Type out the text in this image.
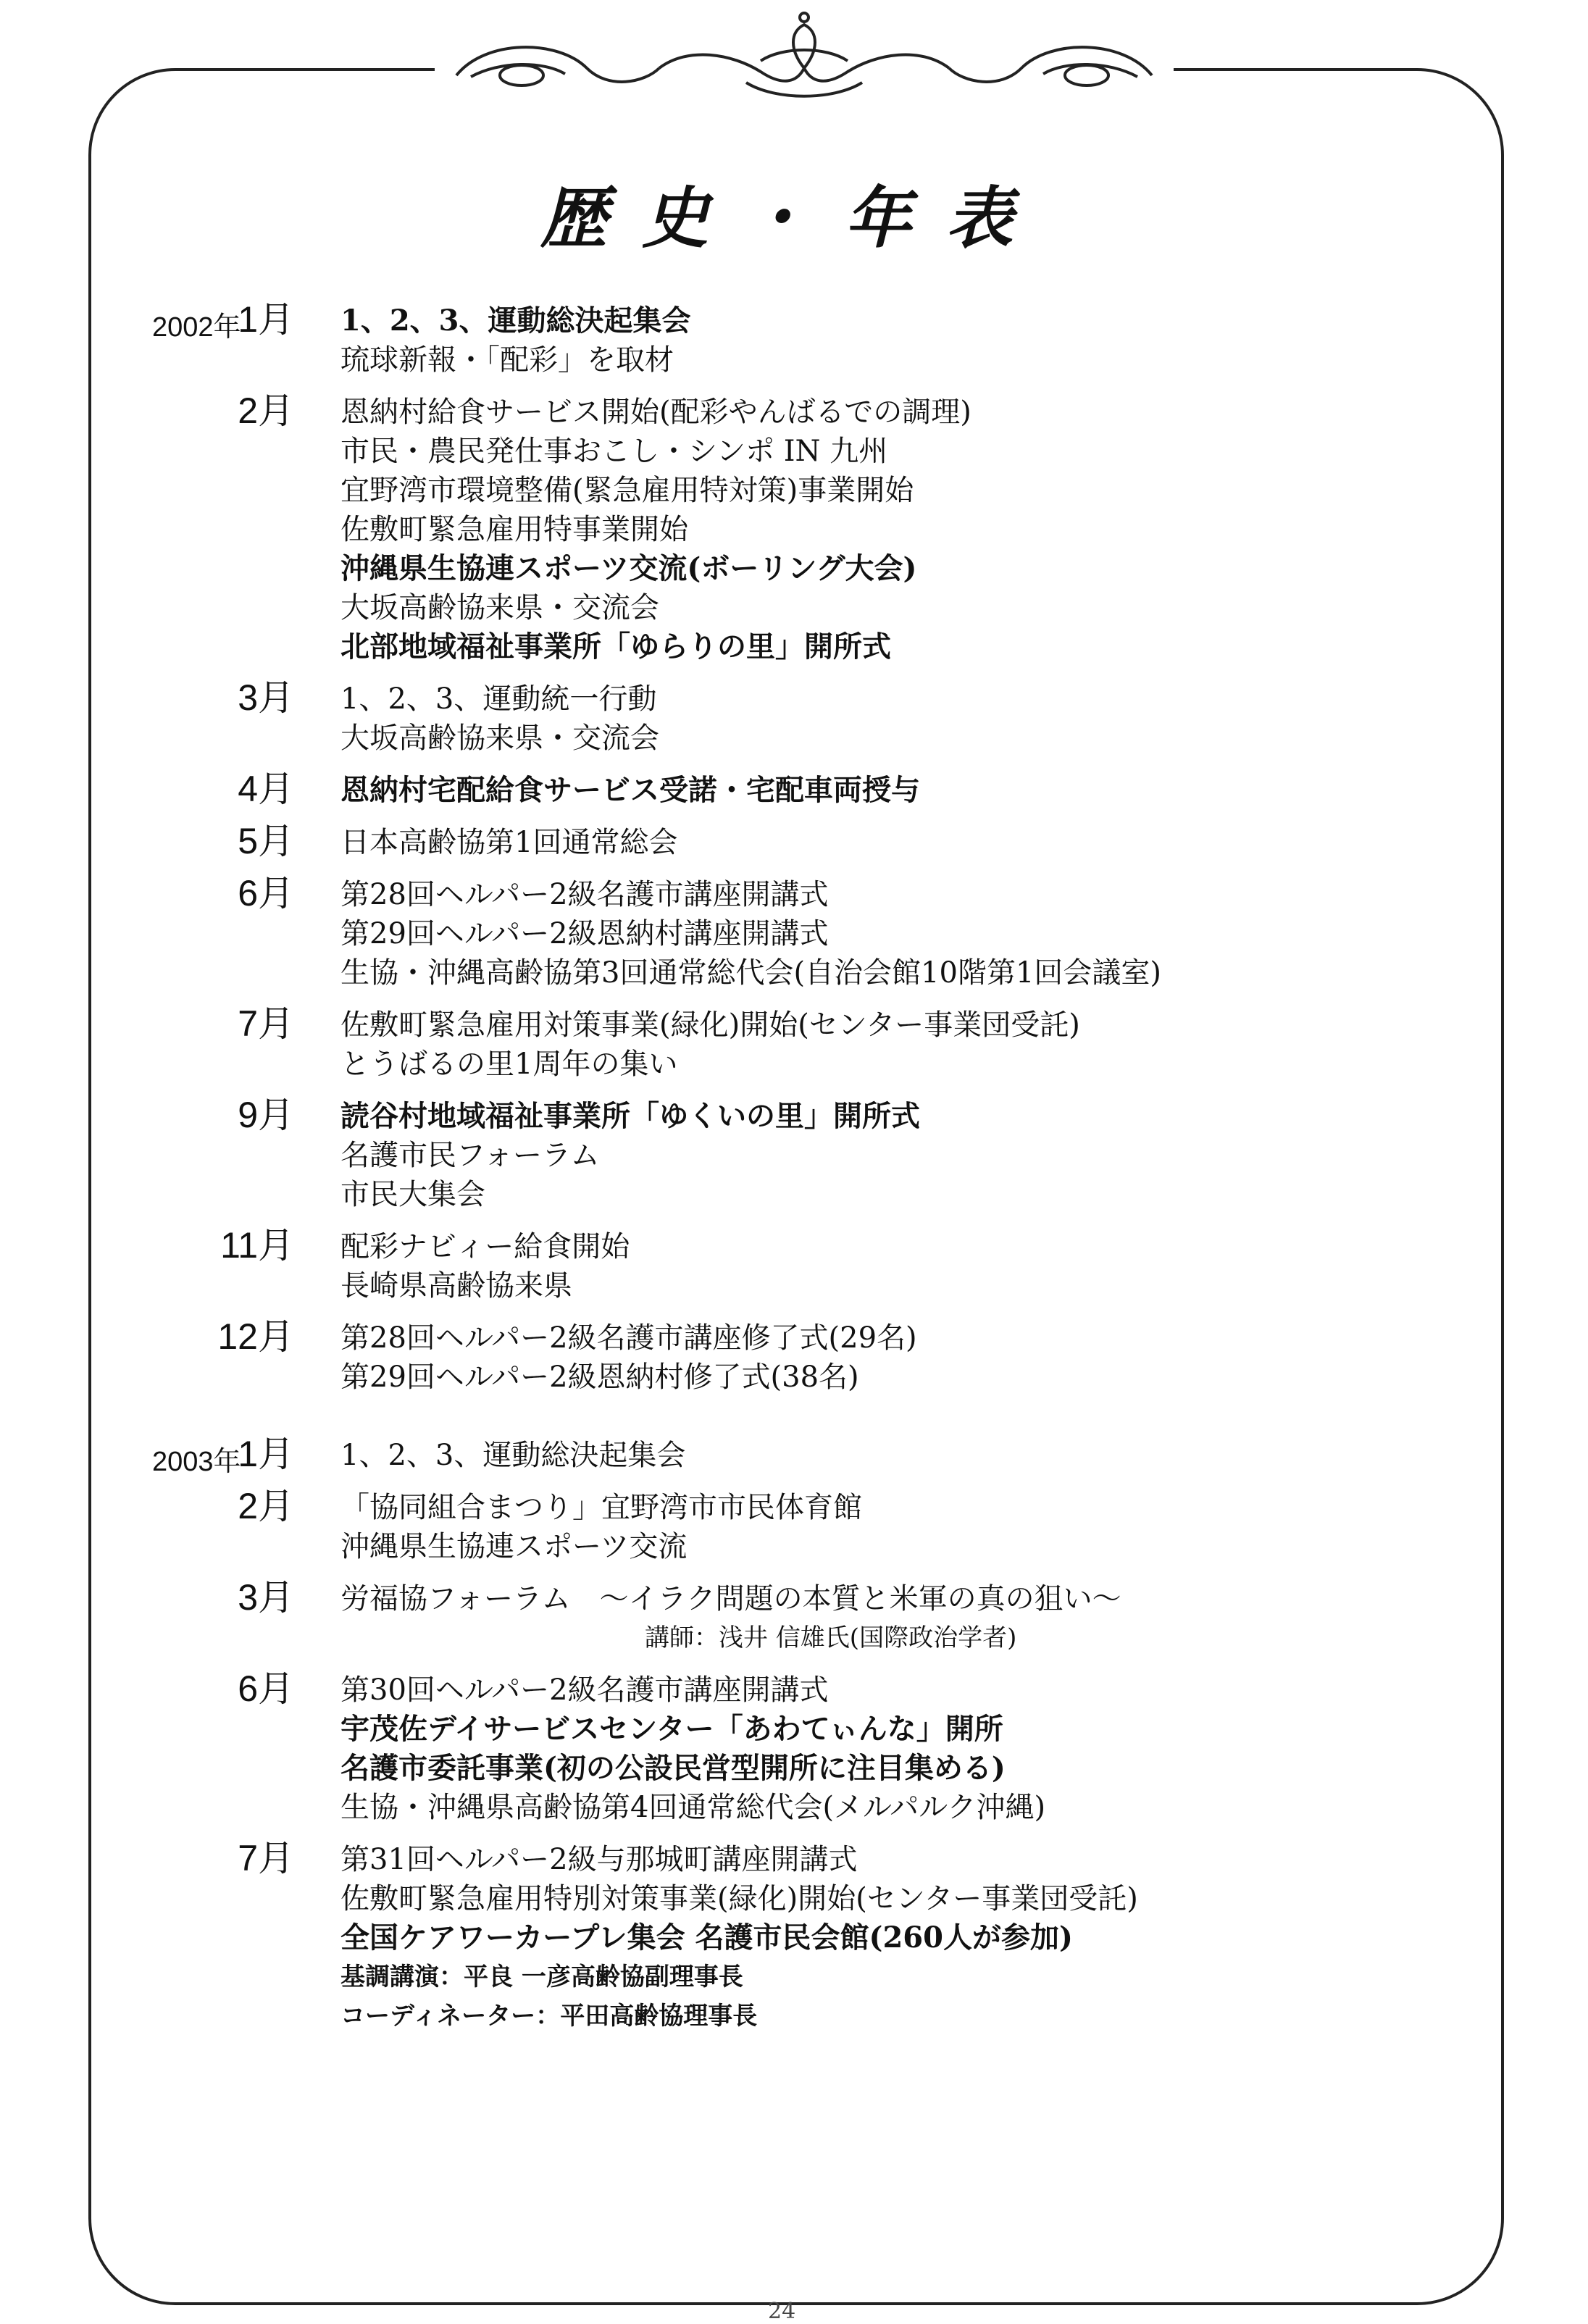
歴史・年表
2002年
1月	1、2、3、運動総決起集会
琉球新報・「配彩」を取材
2月	恩納村給食サービス開始(配彩やんばるでの調理)
市民・農民発仕事おこし・シンポ IN 九州
宜野湾市環境整備(緊急雇用特対策)事業開始
佐敷町緊急雇用特事業開始
沖縄県生協連スポーツ交流(ボーリング大会)
大坂高齢協来県・交流会
北部地域福祉事業所「ゆらりの里」開所式
3月	1、2、3、運動統一行動
大坂高齢協来県・交流会
4月	恩納村宅配給食サービス受諾・宅配車両授与
5月	日本高齢協第1回通常総会
6月	第28回ヘルパー2級名護市講座開講式
第29回ヘルパー2級恩納村講座開講式
生協・沖縄高齢協第3回通常総代会(自治会館10階第1回会議室)
7月	佐敷町緊急雇用対策事業(緑化)開始(センター事業団受託)
とうばるの里1周年の集い
9月	読谷村地域福祉事業所「ゆくいの里」開所式
名護市民フォーラム
市民大集会
11月	配彩ナビィー給食開始
長崎県高齢協来県
12月	第28回ヘルパー2級名護市講座修了式(29名)
第29回ヘルパー2級恩納村修了式(38名)
2003年
1月	1、2、3、運動総決起集会
2月	「協同組合まつり」宜野湾市市民体育館
沖縄県生協連スポーツ交流
3月	労福協フォーラム　～イラク問題の本質と米軍の真の狙い～
講師：浅井 信雄氏(国際政治学者)
6月	第30回ヘルパー2級名護市講座開講式
宇茂佐デイサービスセンター「あわてぃんな」開所
名護市委託事業(初の公設民営型開所に注目集める)
生協・沖縄県高齢協第4回通常総代会(メルパルク沖縄)
7月	第31回ヘルパー2級与那城町講座開講式
佐敷町緊急雇用特別対策事業(緑化)開始(センター事業団受託)
全国ケアワーカープレ集会 名護市民会館(260人が参加)
基調講演：平良 一彦高齢協副理事長
コーディネーター：平田高齢協理事長
24
